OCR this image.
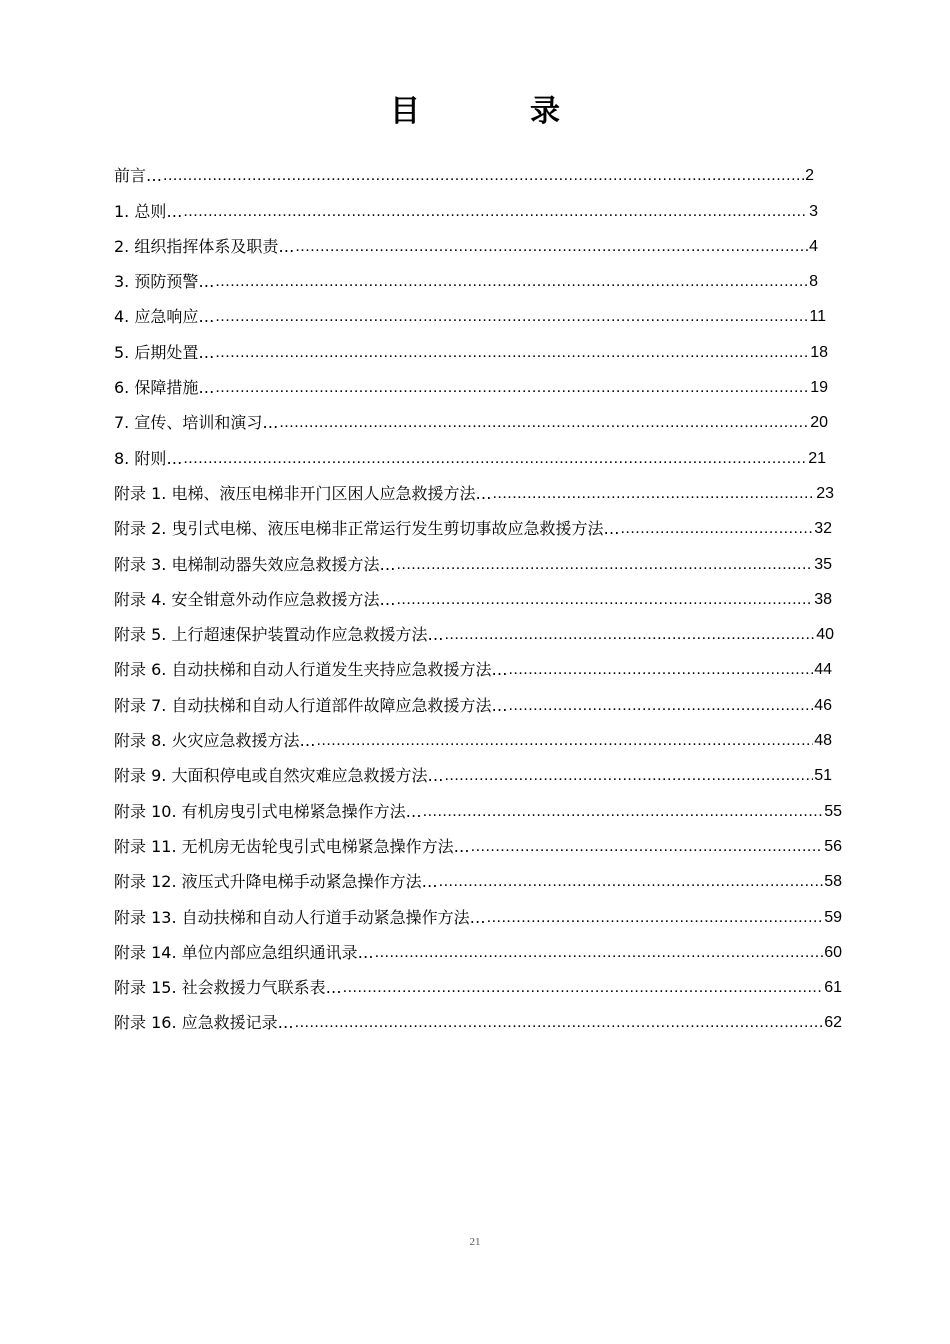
目　录
前言… .....	2
1. 总则… .....	3
2. 组织指挥体系及职责… .....	4
3. 预防预警… .....	8
4. 应急响应… .....	11
5. 后期处置… .....	18
6. 保障措施… .....	19
7. 宣传、培训和演习… .....	20
8. 附则… .....	21
附录 1. 电梯、液压电梯非开门区困人应急救援方法… .....	23
附录 2. 曳引式电梯、液压电梯非正常运行发生剪切事故应急救援方法… .....	32
附录 3. 电梯制动器失效应急救援方法… .....	35
附录 4. 安全钳意外动作应急救援方法… .....	38
附录 5. 上行超速保护装置动作应急救援方法… .....	40
附录 6. 自动扶梯和自动人行道发生夹持应急救援方法… .....	44
附录 7. 自动扶梯和自动人行道部件故障应急救援方法… .....	46
附录 8. 火灾应急救援方法… .....	48
附录 9. 大面积停电或自然灾难应急救援方法… .....	51
附录 10. 有机房曳引式电梯紧急操作方法… .....	55
附录 11. 无机房无齿轮曳引式电梯紧急操作方法… .....	56
附录 12. 液压式升降电梯手动紧急操作方法… .....	58
附录 13. 自动扶梯和自动人行道手动紧急操作方法… .....	59
附录 14. 单位内部应急组织通讯录… .....	60
附录 15. 社会救援力气联系表… .....	61
附录 16. 应急救援记录… .....	62
21
